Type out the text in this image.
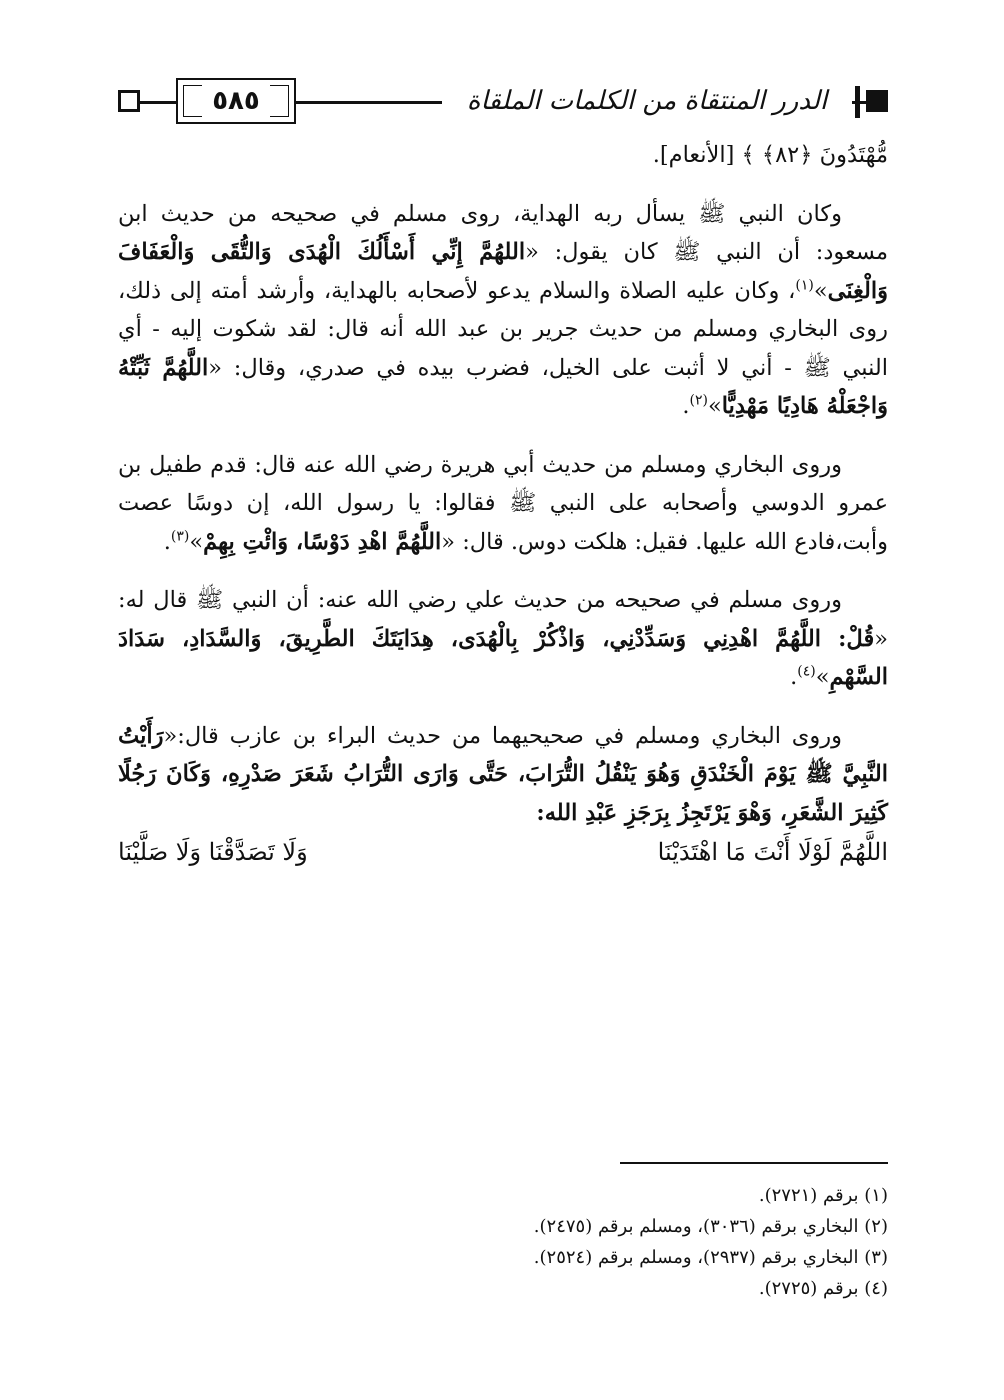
٥٨٥	الدرر المنتقاة من الكلمات الملقاة

مُّهْتَدُونَ ﴿٨٢﴾ ﴾ [الأنعام].

وكان النبي ﷺ يسأل ربه الهداية، روى مسلم في صحيحه من حديث ابن مسعود: أن النبي ﷺ كان يقول: «اللهُمَّ إِنِّي أَسْأَلُكَ الْهُدَى وَالتُّقَى وَالْعَفَافَ وَالْغِنَى»$^{(١)}$، وكان عليه الصلاة والسلام يدعو لأصحابه بالهداية، وأرشد أمته إلى ذلك، روى البخاري ومسلم من حديث جرير بن عبد الله أنه قال: لقد شكوت إليه - أي النبي ﷺ - أني لا أثبت على الخيل، فضرب بيده في صدري، وقال: «اللَّهُمَّ ثَبِّتْهُ وَاجْعَلْهُ هَادِيًا مَهْدِيًّا»$^{(٢)}$.

وروى البخاري ومسلم من حديث أبي هريرة رضي الله عنه قال: قدم طفيل بن عمرو الدوسي وأصحابه على النبي ﷺ فقالوا: يا رسول الله، إن دوسًا عصت وأبت،فادع الله عليها. فقيل: هلكت دوس. قال: «اللَّهُمَّ اهْدِ دَوْسًا، وَائْتِ بِهِمْ»$^{(٣)}$.

وروى مسلم في صحيحه من حديث علي رضي الله عنه: أن النبي ﷺ قال له: «قُلْ: اللَّهُمَّ اهْدِنِي وَسَدِّدْنِي، وَاذْكُرْ بِالْهُدَى، هِدَايَتَكَ الطَّرِيقَ، وَالسَّدَادِ، سَدَادَ السَّهْمِ»$^{(٤)}$.

وروى البخاري ومسلم في صحيحيهما من حديث البراء بن عازب قال:«رَأَيْتُ النَّبِيَّ ﷺ يَوْمَ الْخَنْدَقِ وَهُوَ يَنْقُلُ التُّرَابَ، حَتَّى وَارَى التُّرَابُ شَعَرَ صَدْرِهِ، وَكَانَ رَجُلًا كَثِيرَ الشَّعَرِ، وَهْوَ يَرْتَجِزُ بِرَجَزِ عَبْدِ الله:

اللَّهُمَّ لَوْلَا أَنْتَ مَا اهْتَدَيْنَا
وَلَا تَصَدَّقْنَا وَلَا صَلَّيْنَا

(١) برقم (٢٧٢١).

(٢) البخاري برقم (٣٠٣٦)، ومسلم برقم (٢٤٧٥).

(٣) البخاري برقم (٢٩٣٧)، ومسلم برقم (٢٥٢٤).

(٤) برقم (٢٧٢٥).
